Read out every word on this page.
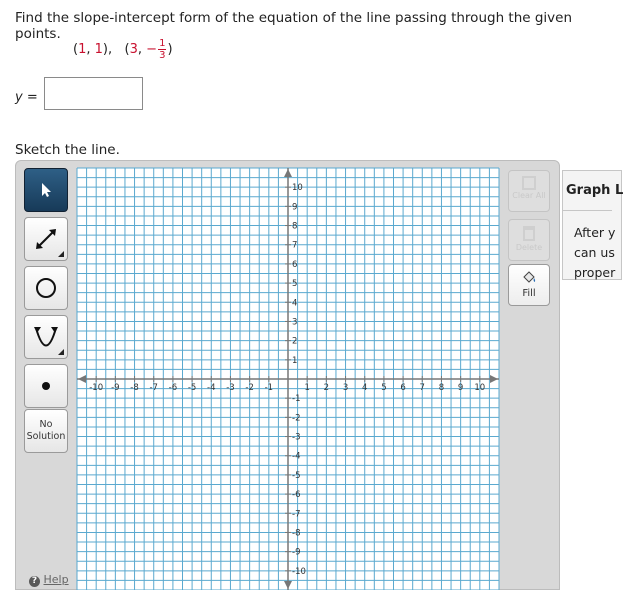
Find the slope-intercept form of the equation of the line passing through the given points.
(1, 1), (3, − $\frac{1}{3}$ )
y =
Sketch the line.
No
Solution
? Help
-10 -9 -8 -7 -6 -5 -4 -3 -2 -1	1 2 3 4 5 6 7 8 9 10
-10
-9
-8
-7
-6
-5
-4
-3
-2
-1
1
2
3
4
5
6
7
8
9
10
Clear All
Delete
Fill
Graph L
After y
can us
proper
